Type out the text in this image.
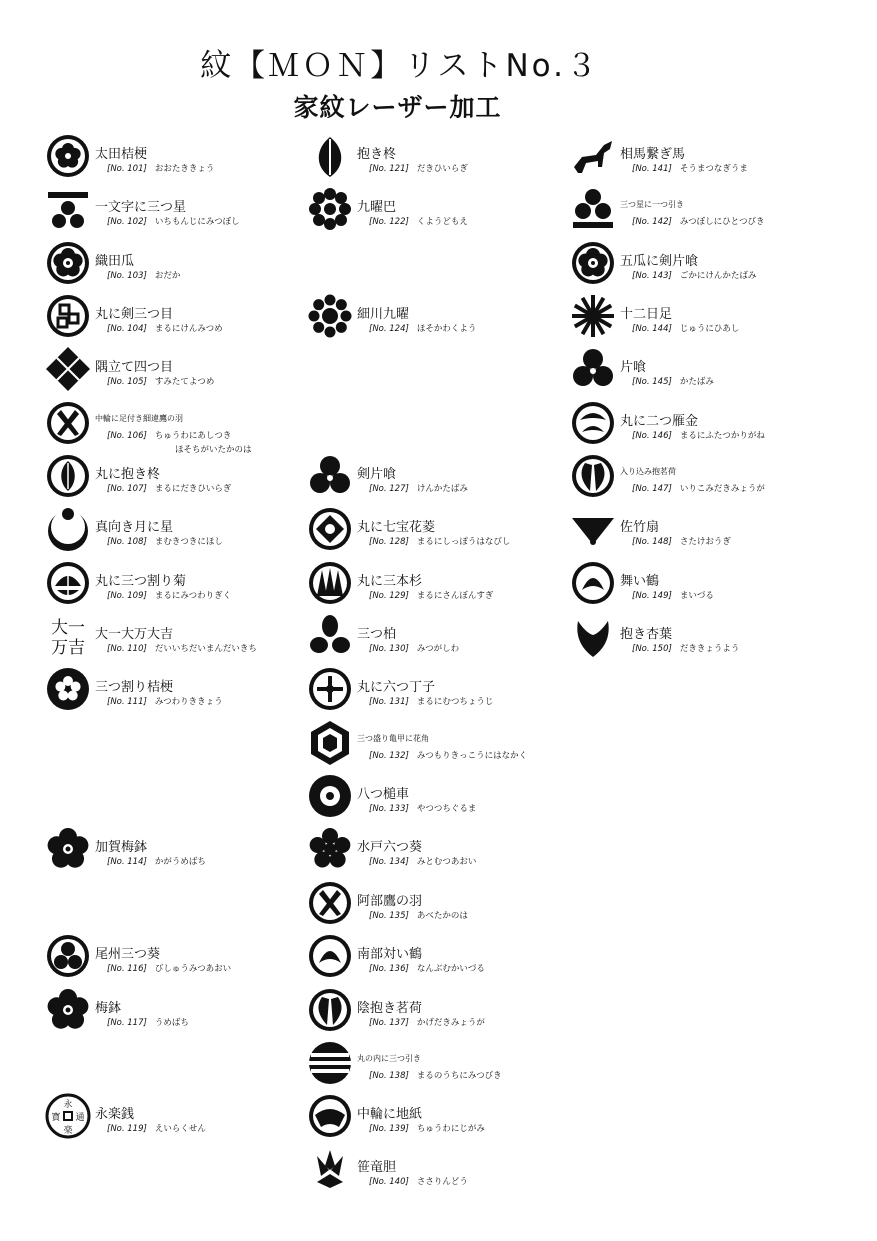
紋【ＭＯＮ】リストNo.３
家紋レーザー加工
太田桔梗
[No. 101] おおたききょう
一文字に三つ星
[No. 102] いちもんじにみつぼし
織田瓜
[No. 103] おだか
丸に剣三つ目
[No. 104] まるにけんみつめ
隅立て四つ目
[No. 105] すみたてよつめ
中輪に足付き細違鷹の羽
[No. 106] ちゅうわにあしつき
ほそちがいたかのは
丸に抱き柊
[No. 107] まるにだきひいらぎ
真向き月に星
[No. 108] まむきつきにほし
丸に三つ割り菊
[No. 109] まるにみつわりぎく
大一
万吉
大一大万大吉
[No. 110] だいいちだいまんだいきち
三つ割り桔梗
[No. 111] みつわりききょう
加賀梅鉢
[No. 114] かがうめばち
尾州三つ葵
[No. 116] びしゅうみつあおい
梅鉢
[No. 117] うめばち
永
楽
寳 通 永楽銭
[No. 119] えいらくせん
抱き柊
[No. 121] だきひいらぎ
九曜巴
[No. 122] くようどもえ
細川九曜
[No. 124] ほそかわくよう
剣片喰
[No. 127] けんかたばみ
丸に七宝花菱
[No. 128] まるにしっぽうはなびし
丸に三本杉
[No. 129] まるにさんぼんすぎ
三つ柏
[No. 130] みつがしわ
丸に六つ丁子
[No. 131] まるにむつちょうじ
三つ盛り亀甲に花角
[No. 132] みつもりきっこうにはなかく
八つ槌車
[No. 133] やつつちぐるま
水戸六つ葵
[No. 134] みとむつあおい
阿部鷹の羽
[No. 135] あべたかのは
南部対い鶴
[No. 136] なんぶむかいづる
陰抱き茗荷
[No. 137] かげだきみょうが
丸の内に三つ引き
[No. 138] まるのうちにみつびき
中輪に地紙
[No. 139] ちゅうわにじがみ
笹竜胆
[No. 140] ささりんどう
相馬繋ぎ馬
[No. 141] そうまつなぎうま
三つ星に一つ引き
[No. 142] みつぼしにひとつびき
五瓜に剣片喰
[No. 143] ごかにけんかたばみ
十二日足
[No. 144] じゅうにひあし
片喰
[No. 145] かたばみ
丸に二つ雁金
[No. 146] まるにふたつかりがね
入り込み抱茗荷
[No. 147] いりこみだきみょうが
佐竹扇
[No. 148] さたけおうぎ
舞い鶴
[No. 149] まいづる
抱き杏葉
[No. 150] だききょうよう
